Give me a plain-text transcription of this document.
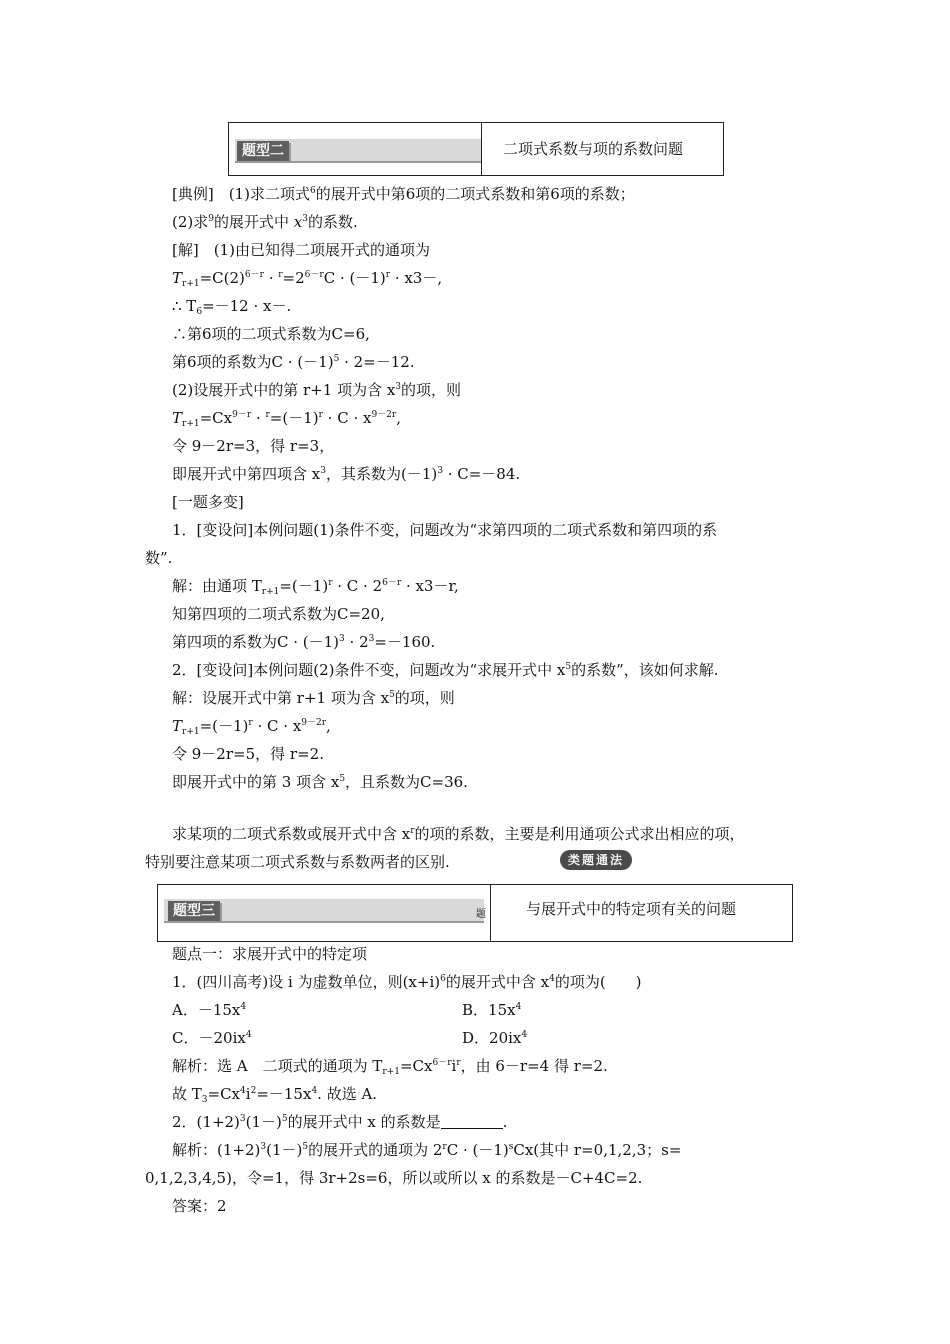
题型二	二项式系数与项的系数问题
[典例]　(1)求二项式$^6$的展开式中第6项的二项式系数和第6项的系数；
(2)求$^9$的展开式中 $x^3$的系数.
[解]　(1)由已知得二项展开式的通项为
$T_{r+1}=C(2)^{6-r} \cdot ^r=2^{6-r}C \cdot (-1)^r \cdot x3-$,
∴ $T_6=-12 \cdot x-$.
∴第6项的二项式系数为C=6,
第6项的系数为$C \cdot (-1)^5 \cdot 2=-12$.
(2)设展开式中的第 r+1 项为含 $x^3$的项，则
$T_{r+1}=Cx^{9-r} \cdot ^r=(-1)^r \cdot C \cdot x^{9-2r}$,
令 9－2r=3，得 r=3，
即展开式中第四项含 $x^3$，其系数为$(-1)^3 \cdot C=-84$.
[一题多变]
1．[变设问]本例问题(1)条件不变，问题改为“求第四项的二项式系数和第四项的系
数”.
解：由通项 $T_{r+1}=(-1)^r \cdot C \cdot 2^{6-r} \cdot x3-r$,
知第四项的二项式系数为C=20,
第四项的系数为$C \cdot (-1)^3 \cdot 2^3=-160$.
2．[变设问]本例问题(2)条件不变，问题改为“求展开式中 $x^5$的系数”，该如何求解.
解：设展开式中第 r+1 项为含 $x^5$的项，则
$T_{r+1}=(-1)^r \cdot C \cdot x^{9-2r}$,
令 9－2r=5，得 r=2.
即展开式中的第 3 项含 $x^5$，且系数为C=36.
求某项的二项式系数或展开式中含 $x^r$的项的系数，主要是利用通项公式求出相应的项，
特别要注意某项二项式系数与系数两者的区别.	类题通法
题型三	题	与展开式中的特定项有关的问题
题点一：求展开式中的特定项
1．(四川高考)设 i 为虚数单位，则$(x+i)^6$的展开式中含 $x^4$的项为(　　)
A．$-15x^4$	B．$15x^4$
C．$-20ix^4$	D．$20ix^4$
解析：选 A　二项式的通项为 $T_{r+1}=Cx^{6-r}i^r$，由 6－r=4 得 r=2.
故 $T_3=Cx^4i^2=-15x^4$. 故选 A.
2．$(1+2)^3(1-)^5$的展开式中 x 的系数是	.
解析：$(1+2)^3(1-)^5$的展开式的通项为 $2^rC \cdot (-1)^sCx$(其中 r=0,1,2,3；s=
0,1,2,3,4,5)，令=1，得 3r+2s=6，所以或所以 x 的系数是－C+4C=2.
答案：2
